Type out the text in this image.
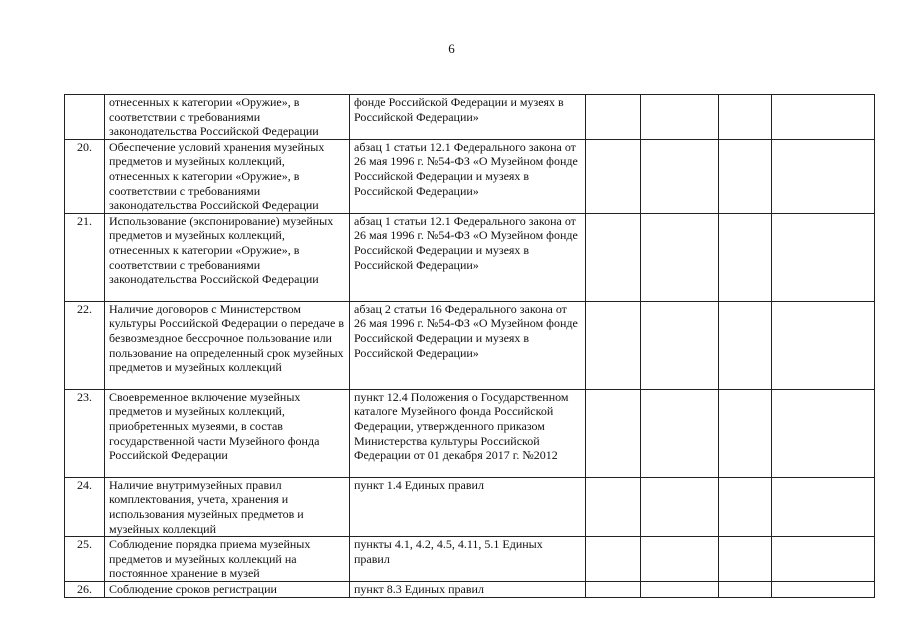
6
	отнесенных к категории «Оружие», в соответствии с требованиями законодательства Российской Федерации	фонде Российской Федерации и музеях в Российской Федерации»				
20.	Обеспечение условий хранения музейных предметов и музейных коллекций, отнесенных к категории «Оружие», в соответствии с требованиями законодательства Российской Федерации	абзац 1 статьи 12.1 Федерального закона от 26 мая 1996 г. №54-ФЗ «О Музейном фонде Российской Федерации и музеях в Российской Федерации»				
21.	Использование (экспонирование) музейных предметов и музейных коллекций, отнесенных к категории «Оружие», в соответствии с требованиями законодательства Российской Федерации	абзац 1 статьи 12.1 Федерального закона от 26 мая 1996 г. №54-ФЗ «О Музейном фонде Российской Федерации и музеях в Российской Федерации»				
22.	Наличие договоров с Министерством культуры Российской Федерации о передаче в безвозмездное бессрочное пользование или пользование на определенный срок музейных предметов и музейных коллекций	абзац 2 статьи 16 Федерального закона от 26 мая 1996 г. №54-ФЗ «О Музейном фонде Российской Федерации и музеях в Российской Федерации»				
23.	Своевременное включение музейных предметов и музейных коллекций, приобретенных музеями, в состав государственной части Музейного фонда Российской Федерации	пункт 12.4 Положения о Государственном каталоге Музейного фонда Российской Федерации, утвержденного приказом Министерства культуры Российской Федерации от 01 декабря 2017 г. №2012				
24.	Наличие внутримузейных правил комплектования, учета, хранения и использования музейных предметов и музейных коллекций	пункт 1.4 Единых правил				
25.	Соблюдение порядка приема музейных предметов и музейных коллекций на постоянное хранение в музей	пункты 4.1, 4.2, 4.5, 4.11, 5.1 Единых правил				
26.	Соблюдение сроков регистрации	пункт 8.3 Единых правил				
